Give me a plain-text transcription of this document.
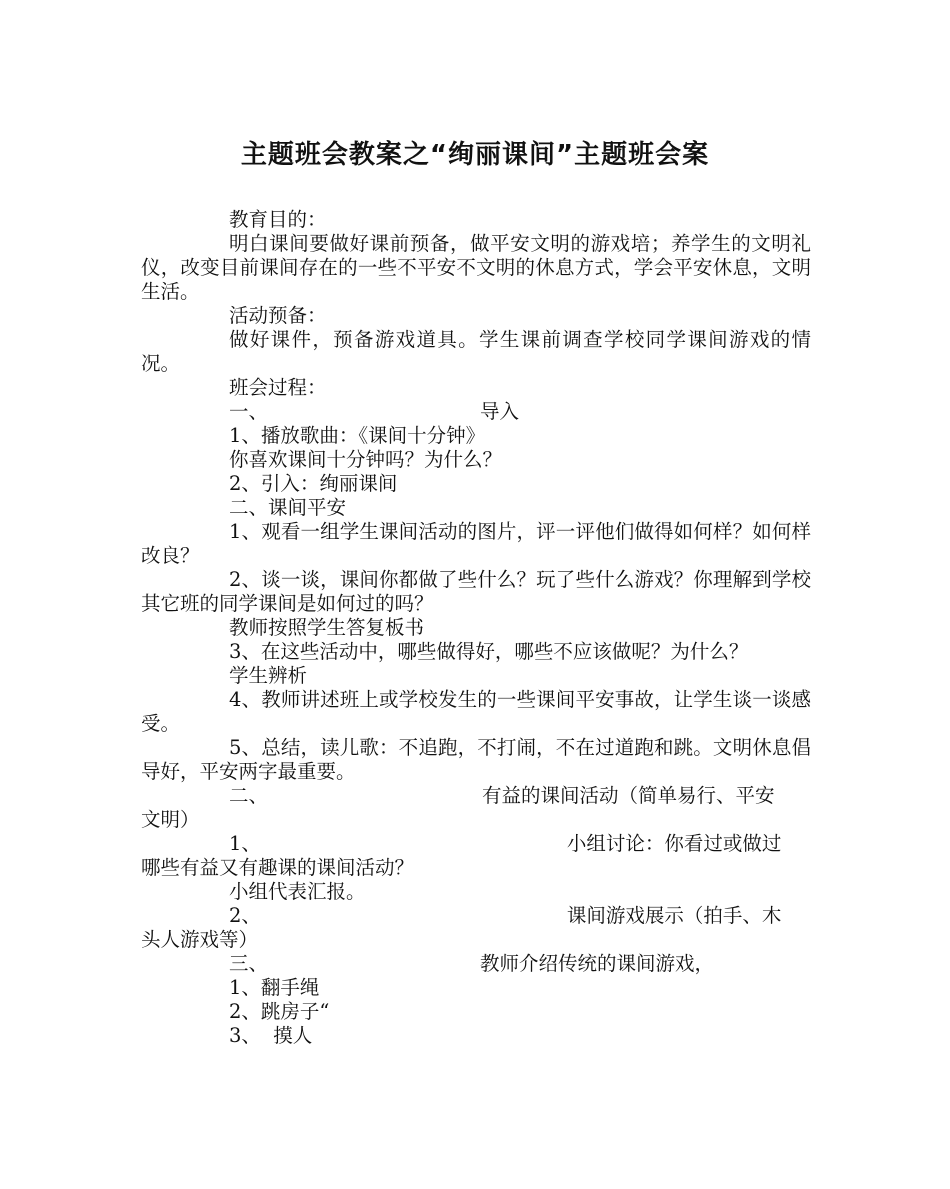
主题班会教案之“绚丽课间”主题班会案

教育目的：

明白课间要做好课前预备，做平安文明的游戏培；养学生的文明礼仪，改变目前课间存在的一些不平安不文明的休息方式，学会平安休息，文明生活。

活动预备：

做好课件，预备游戏道具。学生课前调查学校同学课间游戏的情况。

班会过程：

一、	导入

1、播放歌曲：《课间十分钟》

你喜欢课间十分钟吗？为什么？

2、引入：绚丽课间

二、课间平安

1、观看一组学生课间活动的图片，评一评他们做得如何样？如何样改良？

2、谈一谈，课间你都做了些什么？玩了些什么游戏？你理解到学校其它班的同学课间是如何过的吗？

教师按照学生答复板书

3、在这些活动中，哪些做得好，哪些不应该做呢？为什么？

学生辨析

4、教师讲述班上或学校发生的一些课间平安事故，让学生谈一谈感受。

5、总结，读儿歌：不追跑，不打闹，不在过道跑和跳。文明休息倡导好，平安两字最重要。

二、	有益的课间活动（简单易行、平安

文明）

1、	小组讨论：你看过或做过

哪些有益又有趣课的课间活动？

小组代表汇报。

2、	课间游戏展示（拍手、木

头人游戏等）

三、	教师介绍传统的课间游戏，

1、翻手绳

2、跳房子“

3、  摸人
